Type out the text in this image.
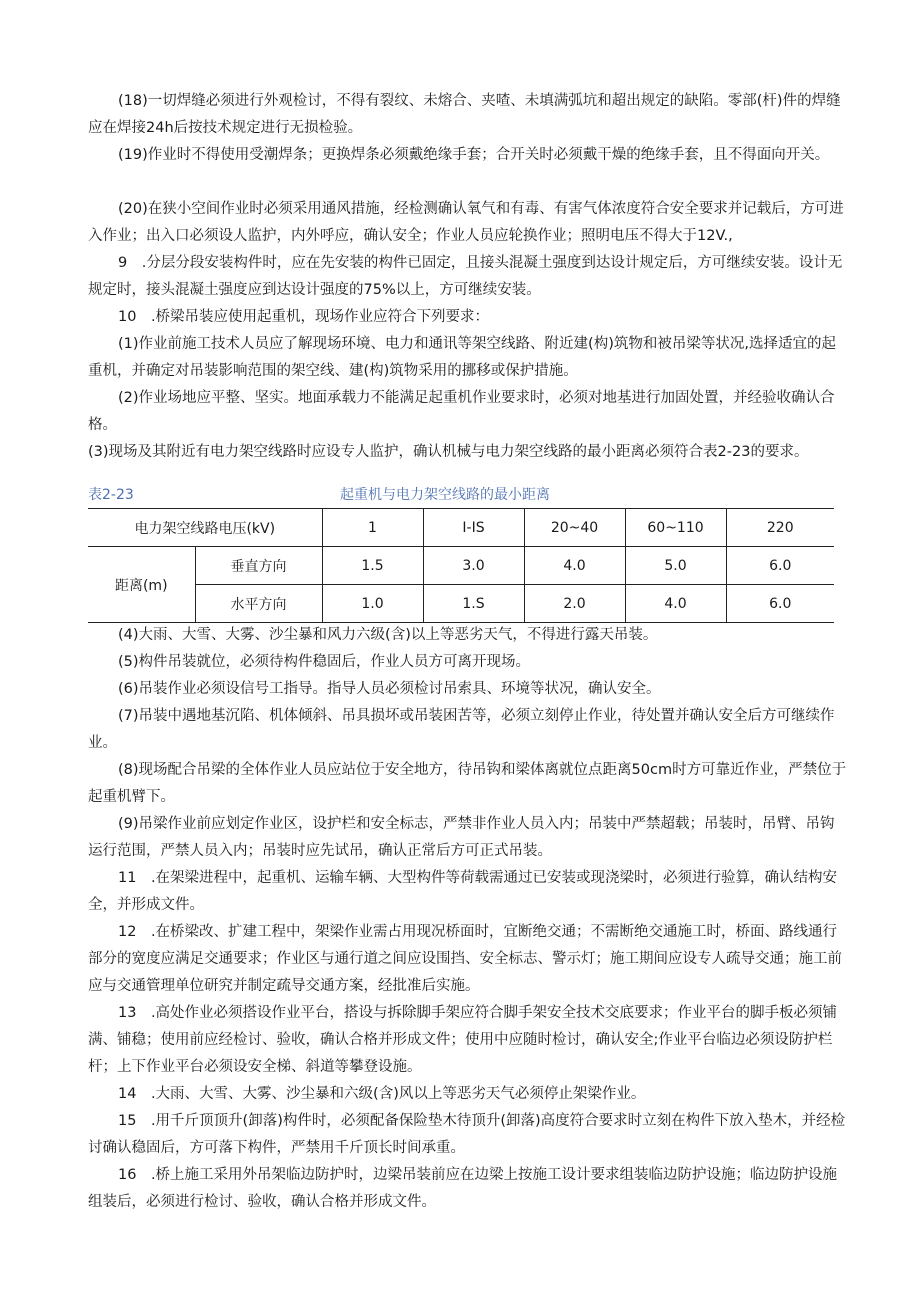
(18)一切焊缝必须进行外观检讨，不得有裂纹、未熔合、夹喳、未填满弧坑和超出规定的缺陷。零部(杆)件的焊缝应在焊接24h后按技术规定进行无损检验。

(19)作业时不得使用受潮焊条；更换焊条必须戴绝缘手套；合开关时必须戴干燥的绝缘手套，且不得面向开关。

(20)在狭小空间作业时必须采用通风措施，经检测确认氧气和有毒、有害气体浓度符合安全要求并记载后，方可进入作业；出入口必须设人监护，内外呼应，确认安全；作业人员应轮换作业；照明电压不得大于12V.,

9　.分层分段安装构件时，应在先安装的构件已固定，且接头混凝土强度到达设计规定后，方可继续安装。设计无规定时，接头混凝土强度应到达设计强度的75%以上，方可继续安装。

10　.桥梁吊装应使用起重机，现场作业应符合下列要求：

(1)作业前施工技术人员应了解现场环境、电力和通讯等架空线路、附近建(构)筑物和被吊梁等状况,选择适宜的起重机，并确定对吊装影响范围的架空线、建(构)筑物采用的挪移或保护措施。

(2)作业场地应平整、坚实。地面承载力不能满足起重机作业要求时，必须对地基进行加固处置，并经验收确认合格。

(3)现场及其附近有电力架空线路时应设专人监护，确认机械与电力架空线路的最小距离必须符合表2-23的要求。

表2-23	起重机与电力架空线路的最小距离
电力架空线路电压(kV)		1	I-IS	20~40	60~110	220
距离(m)	垂直方向	1.5	3.0	4.0	5.0	6.0
	水平方向	1.0	1.S	2.0	4.0	6.0

(4)大雨、大雪、大雾、沙尘暴和风力六级(含)以上等恶劣天气，不得进行露天吊装。

(5)构件吊装就位，必须待构件稳固后，作业人员方可离开现场。

(6)吊装作业必须设信号工指导。指导人员必须检讨吊索具、环境等状况，确认安全。

(7)吊装中遇地基沉陷、机体倾斜、吊具损坏或吊装困苦等，必须立刻停止作业，待处置并确认安全后方可继续作业。

(8)现场配合吊梁的全体作业人员应站位于安全地方，待吊钩和梁体离就位点距离50cm时方可靠近作业，严禁位于起重机臂下。

(9)吊梁作业前应划定作业区，设护栏和安全标志，严禁非作业人员入内；吊装中严禁超载；吊装时，吊臂、吊钩运行范围，严禁人员入内；吊装时应先试吊，确认正常后方可正式吊装。

11　.在架梁进程中，起重机、运输车辆、大型构件等荷载需通过已安装或现浇梁时，必须进行验算，确认结构安全，并形成文件。

12　.在桥梁改、扩建工程中，架梁作业需占用现况桥面时，宜断绝交通；不需断绝交通施工时，桥面、路线通行部分的宽度应满足交通要求；作业区与通行道之间应设围挡、安全标志、警示灯；施工期间应设专人疏导交通；施工前应与交通管理单位研究并制定疏导交通方案，经批准后实施。

13　.高处作业必须搭设作业平台，搭设与拆除脚手架应符合脚手架安全技术交底要求；作业平台的脚手板必须铺满、铺稳；使用前应经检讨、验收，确认合格并形成文件；使用中应随时检讨，确认安全;作业平台临边必须设防护栏杆；上下作业平台必须设安全梯、斜道等攀登设施。

14　.大雨、大雪、大雾、沙尘暴和六级(含)风以上等恶劣天气必须停止架梁作业。

15　.用千斤顶顶升(卸落)构件时，必须配备保险垫木待顶升(卸落)高度符合要求时立刻在构件下放入垫木，并经检讨确认稳固后，方可落下构件，严禁用千斤顶长时间承重。

16　.桥上施工采用外吊架临边防护时，边梁吊装前应在边梁上按施工设计要求组装临边防护设施；临边防护设施组装后，必须进行检讨、验收，确认合格并形成文件。
